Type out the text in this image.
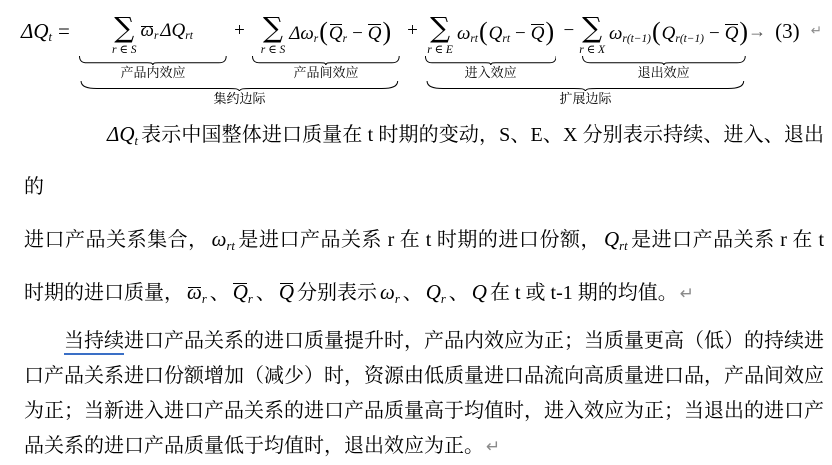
$\Delta Q_t$ = ∑
r ∈ S
$\omega_r$ $\Delta Q_{rt}$
产品内效应
+ ∑
r ∈ S
$\Delta\omega_r$ ( $Q_r - Q$ )
产品间效应
集约边际
+ ∑
r ∈ E
$\omega_{rt}$ ( $Q_{rt} - Q$ )
进入效应
− ∑
r ∈ X
$\omega_{r(t-1)}$ ( $Q_{r(t-1)} - Q$ )
退出效应
扩展边际
→ (3) ↵
$\Delta Q_t$ 表示中国整体进口质量在 t 时期的变动，S、E、X 分别表示持续、进入、退出的
进口产品关系集合， $\omega_{rt}$ 是进口产品关系 r 在 t 时期的进口份额， $Q_{rt}$ 是进口产品关系 r 在 t
时期的进口质量， $\omega_r$ 、 $Q_r$ 、 Q 分别表示 $\omega_r$ 、 $Q_r$ 、 Q 在 t 或 t-1 期的均值。 ↵
当持续进口产品关系的进口质量提升时，产品内效应为正；当质量更高（低）的持续进
口产品关系进口份额增加（减少）时，资源由低质量进口品流向高质量进口品，产品间效应
为正；当新进入进口产品关系的进口产品质量高于均值时，进入效应为正；当退出的进口产
品关系的进口产品质量低于均值时，退出效应为正。 ↵
